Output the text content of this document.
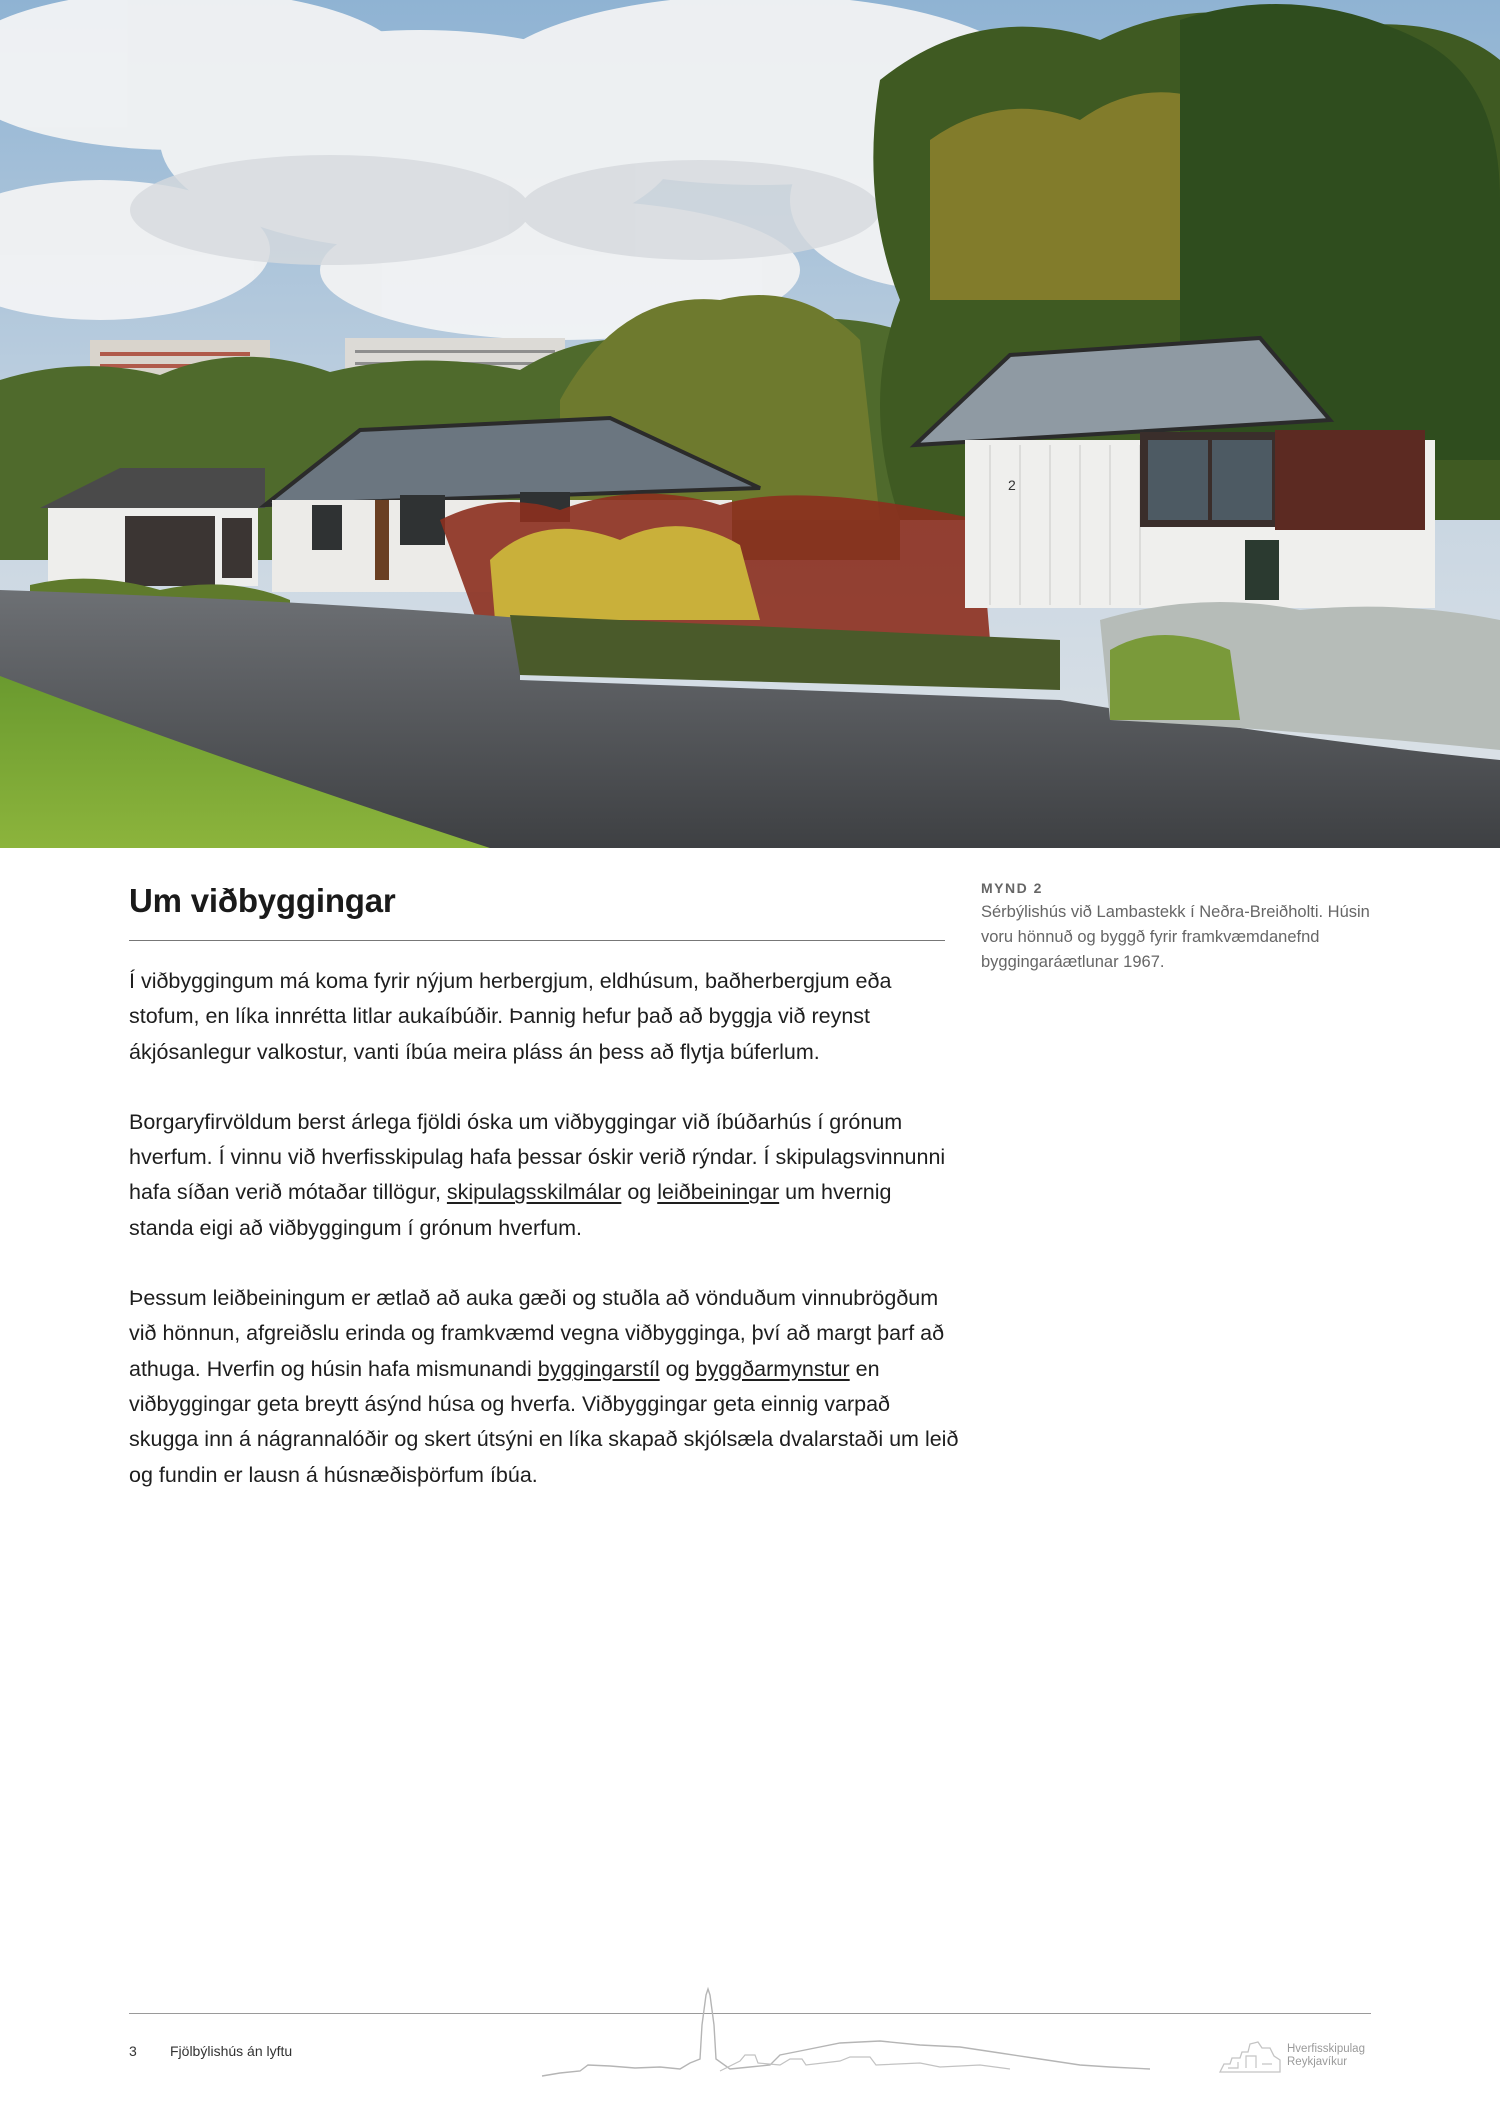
2
Um viðbyggingar

Í viðbyggingum má koma fyrir nýjum herbergjum, eldhúsum, baðherbergjum eða stofum, en líka innrétta litlar aukaíbúðir. Þannig hefur það að byggja við reynst ákjósanlegur valkostur, vanti íbúa meira pláss án þess að flytja búferlum.

Borgaryfirvöldum berst árlega fjöldi óska um viðbyggingar við íbúðarhús í grónum hverfum. Í vinnu við hverfisskipulag hafa þessar óskir verið rýndar. Í skipulagsvinnunni hafa síðan verið mótaðar tillögur, skipulagsskilmálar og leiðbeiningar um hvernig standa eigi að viðbyggingum í grónum hverfum.

Þessum leiðbeiningum er ætlað að auka gæði og stuðla að vönduðum vinnubrögðum við hönnun, afgreiðslu erinda og framkvæmd vegna viðbygginga, því að margt þarf að athuga. Hverfin og húsin hafa mismunandi byggingarstíl og byggðarmynstur en viðbyggingar geta breytt ásýnd húsa og hverfa. Viðbyggingar geta einnig varpað skugga inn á nágrannalóðir og skert útsýni en líka skapað skjólsæla dvalarstaði um leið og fundin er lausn á húsnæðisþörfum íbúa.

MYND 2

Sérbýlishús við Lambastekk í Neðra-Breiðholti. Húsin voru hönnuð og byggð fyrir framkvæmdanefnd byggingaráætlunar 1967.

3 Fjölbýlishús án lyftu	Hverfisskipulag
Reykjavíkur
